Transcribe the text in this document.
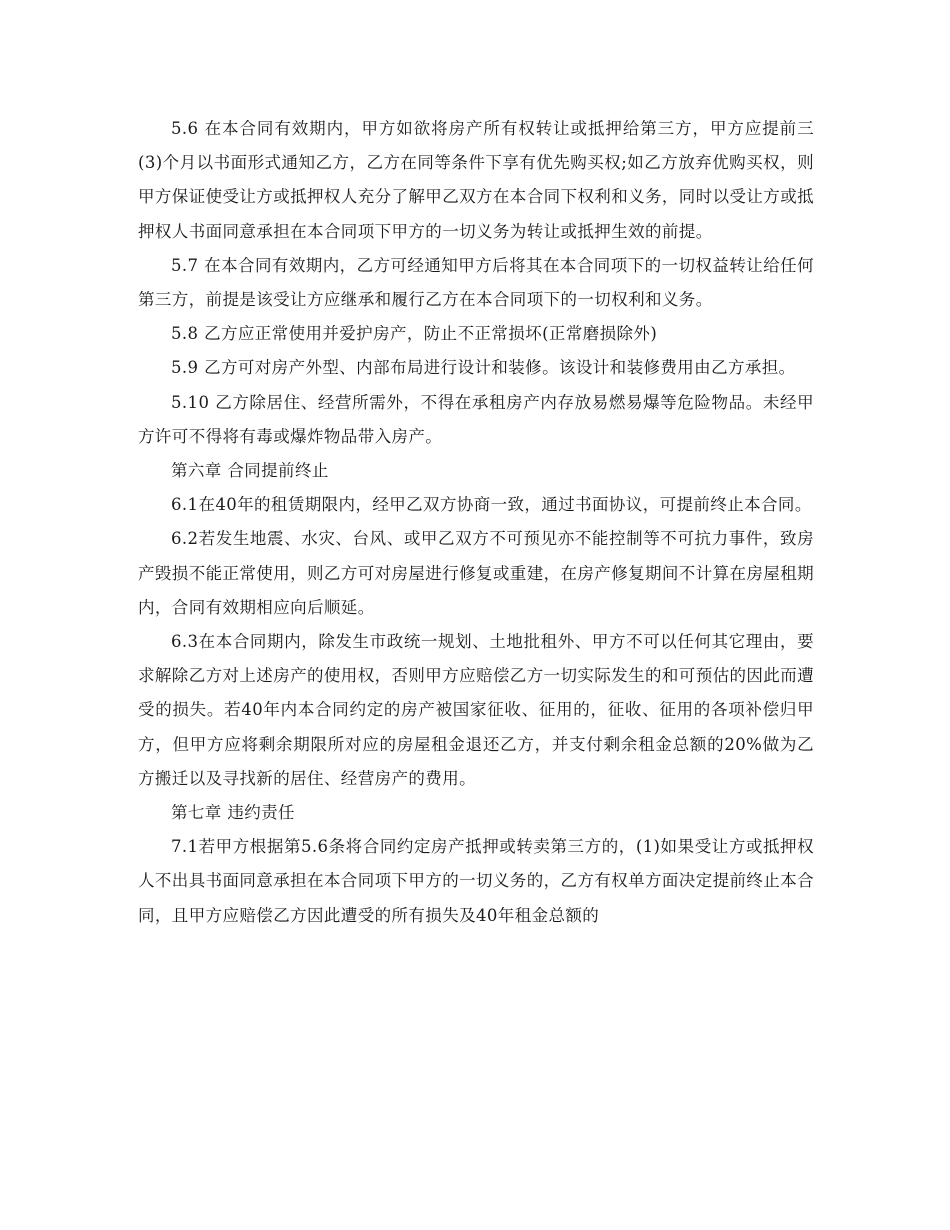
5.6 在本合同有效期内，甲方如欲将房产所有权转让或抵押给第三方，甲方应提前三(3)个月以书面形式通知乙方，乙方在同等条件下享有优先购买权;如乙方放弃优购买权，则甲方保证使受让方或抵押权人充分了解甲乙双方在本合同下权利和义务，同时以受让方或抵押权人书面同意承担在本合同项下甲方的一切义务为转让或抵押生效的前提。

5.7 在本合同有效期内，乙方可经通知甲方后将其在本合同项下的一切权益转让给任何第三方，前提是该受让方应继承和履行乙方在本合同项下的一切权利和义务。

5.8 乙方应正常使用并爱护房产，防止不正常损坏(正常磨损除外)

5.9 乙方可对房产外型、内部布局进行设计和装修。该设计和装修费用由乙方承担。

5.10 乙方除居住、经营所需外，不得在承租房产内存放易燃易爆等危险物品。未经甲方许可不得将有毒或爆炸物品带入房产。

第六章 合同提前终止

6.1在40年的租赁期限内，经甲乙双方协商一致，通过书面协议，可提前终止本合同。

6.2若发生地震、水灾、台风、或甲乙双方不可预见亦不能控制等不可抗力事件，致房产毁损不能正常使用，则乙方可对房屋进行修复或重建，在房产修复期间不计算在房屋租期内，合同有效期相应向后顺延。

6.3在本合同期内，除发生市政统一规划、土地批租外、甲方不可以任何其它理由，要求解除乙方对上述房产的使用权，否则甲方应赔偿乙方一切实际发生的和可预估的因此而遭受的损失。若40年内本合同约定的房产被国家征收、征用的，征收、征用的各项补偿归甲方，但甲方应将剩余期限所对应的房屋租金退还乙方，并支付剩余租金总额的20%做为乙方搬迁以及寻找新的居住、经营房产的费用。

第七章 违约责任

7.1若甲方根据第5.6条将合同约定房产抵押或转卖第三方的，(1)如果受让方或抵押权人不出具书面同意承担在本合同项下甲方的一切义务的，乙方有权单方面决定提前终止本合同，且甲方应赔偿乙方因此遭受的所有损失及40年租金总额的
